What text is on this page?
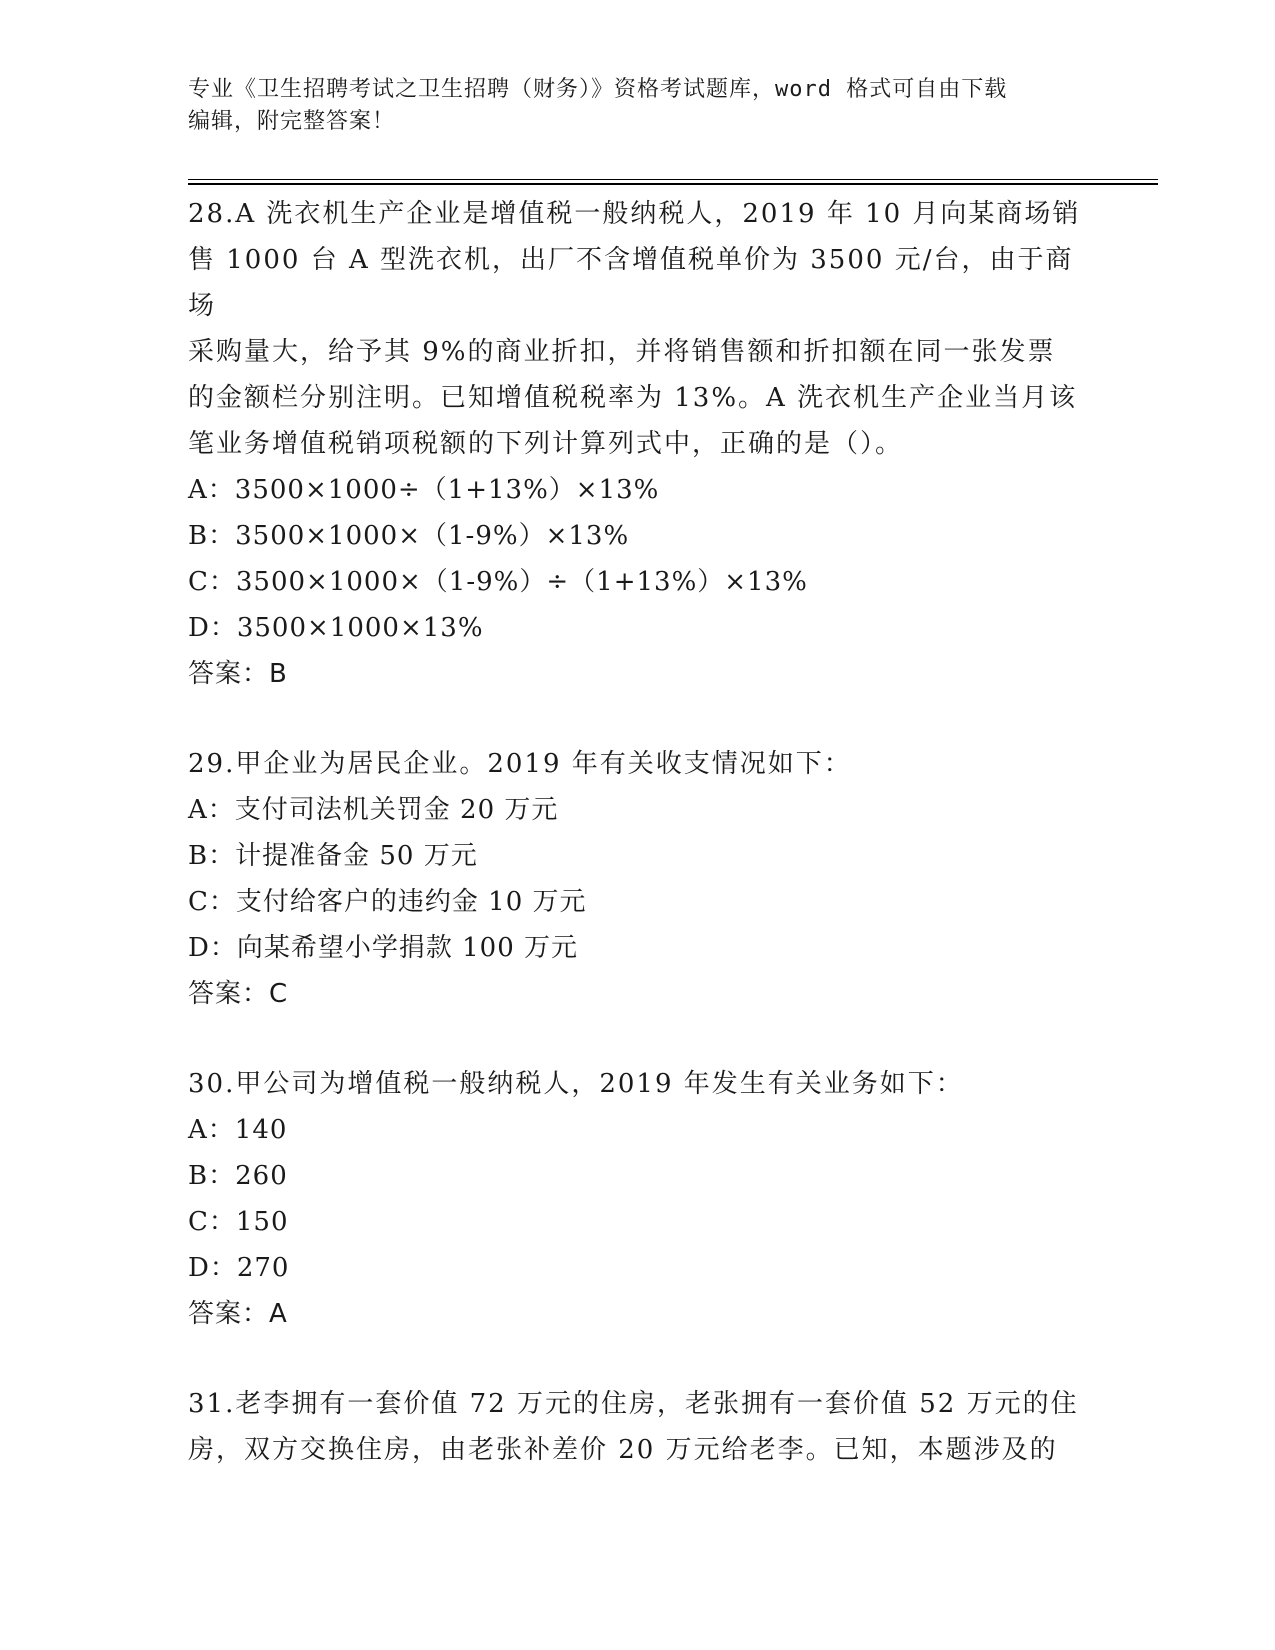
专业《卫生招聘考试之卫生招聘（财务）》资格考试题库，word 格式可自由下载
编辑，附完整答案！
28.A 洗衣机生产企业是增值税一般纳税人，2019 年 10 月向某商场销
售 1000 台 A 型洗衣机，出厂不含增值税单价为 3500 元/台，由于商场
采购量大，给予其 9%的商业折扣，并将销售额和折扣额在同一张发票
的金额栏分别注明。已知增值税税率为 13%。A 洗衣机生产企业当月该
笔业务增值税销项税额的下列计算列式中，正确的是（）。
A：3500×1000÷（1+13%）×13%
B：3500×1000×（1-9%）×13%
C：3500×1000×（1-9%）÷（1+13%）×13%
D：3500×1000×13%
答案：B
29.甲企业为居民企业。2019 年有关收支情况如下：
A：支付司法机关罚金 20 万元
B：计提准备金 50 万元
C：支付给客户的违约金 10 万元
D：向某希望小学捐款 100 万元
答案：C
30.甲公司为增值税一般纳税人，2019 年发生有关业务如下：
A：140
B：260
C：150
D：270
答案：A
31.老李拥有一套价值 72 万元的住房，老张拥有一套价值 52 万元的住
房，双方交换住房，由老张补差价 20 万元给老李。已知，本题涉及的
